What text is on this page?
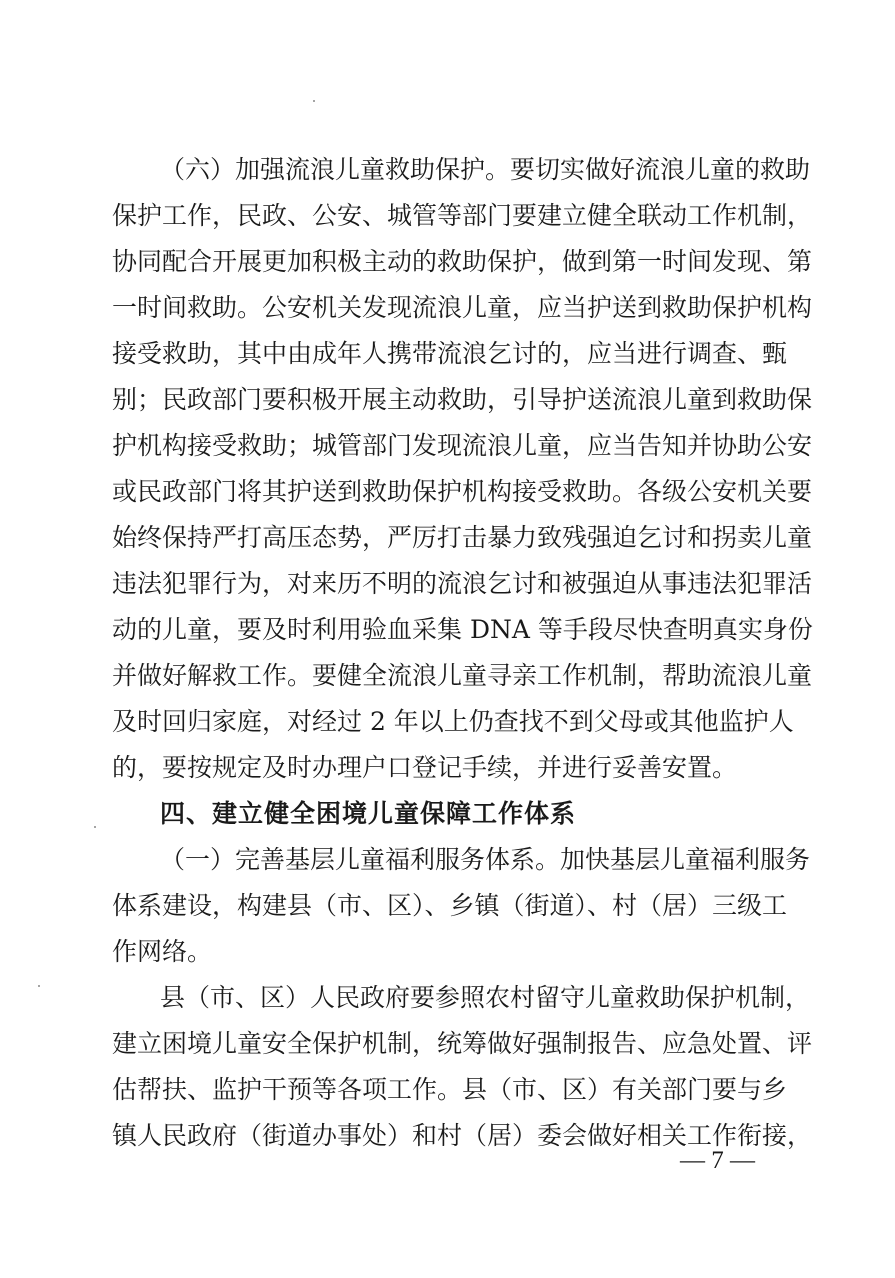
（六）加强流浪儿童救助保护。要切实做好流浪儿童的救助
保护工作，民政、公安、城管等部门要建立健全联动工作机制，
协同配合开展更加积极主动的救助保护，做到第一时间发现、第
一时间救助。公安机关发现流浪儿童，应当护送到救助保护机构
接受救助，其中由成年人携带流浪乞讨的，应当进行调查、甄
别；民政部门要积极开展主动救助，引导护送流浪儿童到救助保
护机构接受救助；城管部门发现流浪儿童，应当告知并协助公安
或民政部门将其护送到救助保护机构接受救助。各级公安机关要
始终保持严打高压态势，严厉打击暴力致残强迫乞讨和拐卖儿童
违法犯罪行为，对来历不明的流浪乞讨和被强迫从事违法犯罪活
动的儿童，要及时利用验血采集 DNA 等手段尽快查明真实身份
并做好解救工作。要健全流浪儿童寻亲工作机制，帮助流浪儿童
及时回归家庭，对经过 2 年以上仍查找不到父母或其他监护人
的，要按规定及时办理户口登记手续，并进行妥善安置。
四、建立健全困境儿童保障工作体系
（一）完善基层儿童福利服务体系。加快基层儿童福利服务
体系建设，构建县（市、区）、乡镇（街道）、村（居）三级工
作网络。
县（市、区）人民政府要参照农村留守儿童救助保护机制，
建立困境儿童安全保护机制，统筹做好强制报告、应急处置、评
估帮扶、监护干预等各项工作。县（市、区）有关部门要与乡
镇人民政府（街道办事处）和村（居）委会做好相关工作衔接，
— 7 —
